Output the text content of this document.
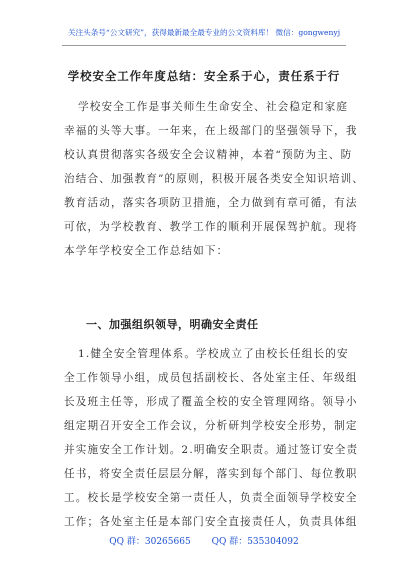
关注头条号“公文研究”，获得最新最全最专业的公文资料库！ 微信：gongwenyj
学校安全工作年度总结：安全系于心，责任系于行
学校安全工作是事关师生生命安全、社会稳定和家庭
幸福的头等大事。一年来，在上级部门的坚强领导下，我
校认真贯彻落实各级安全会议精神，本着“预防为主、防
治结合、加强教育”的原则，积极开展各类安全知识培训、
教育活动，落实各项防卫措施，全力做到有章可循，有法
可依，为学校教育、教学工作的顺利开展保驾护航。现将
本学年学校安全工作总结如下：
一、加强组织领导，明确安全责任
1.健全安全管理体系。学校成立了由校长任组长的安
全工作领导小组，成员包括副校长、各处室主任、年级组
长及班主任等，形成了覆盖全校的安全管理网络。领导小
组定期召开安全工作会议，分析研判学校安全形势，制定
并实施安全工作计划。2.明确安全职责。通过签订安全责
任书，将安全责任层层分解，落实到每个部门、每位教职
工。校长是学校安全第一责任人，负责全面领导学校安全
工作；各处室主任是本部门安全直接责任人，负责具体组
QQ 群：30265665 QQ 群：535304092
